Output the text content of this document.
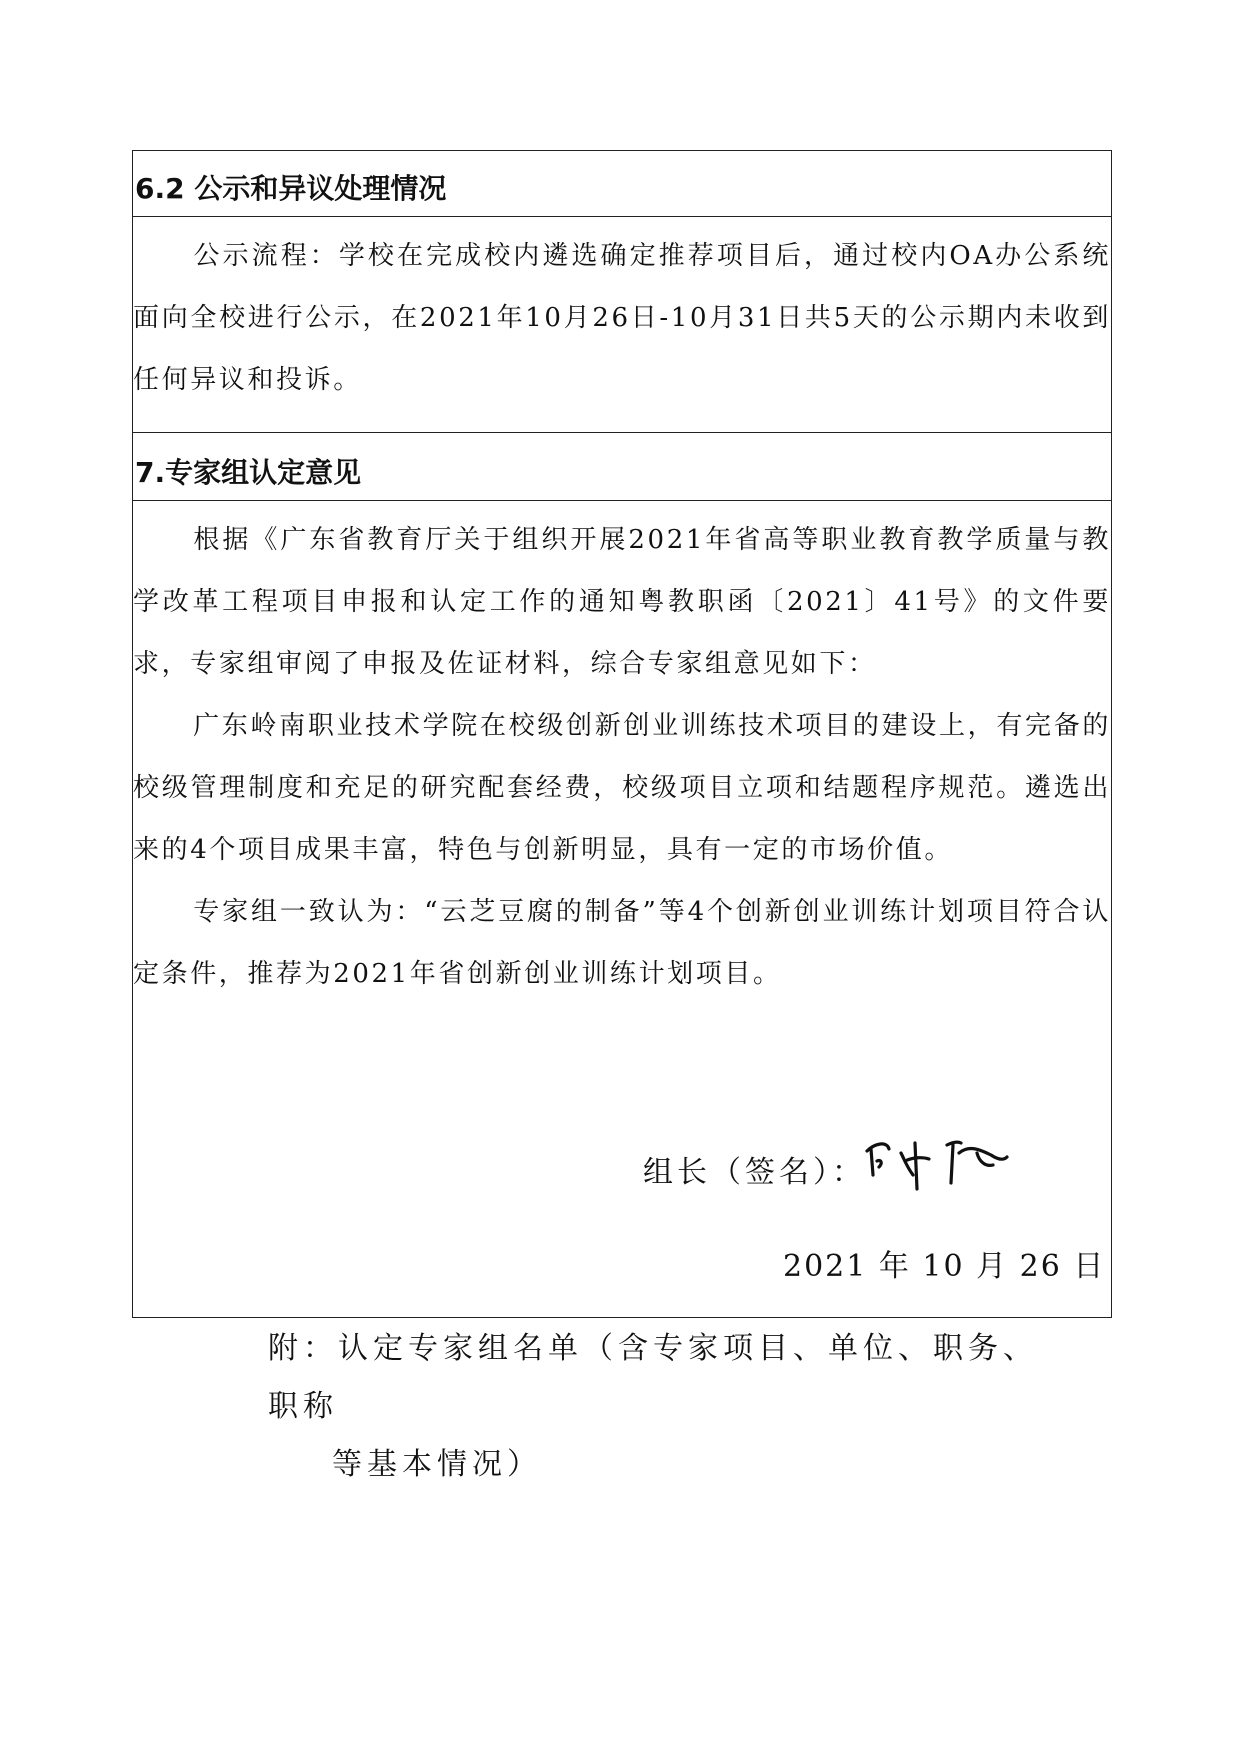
6.2 公示和异议处理情况

公示流程：学校在完成校内遴选确定推荐项目后，通过校内OA办公系统面向全校进行公示，在2021年10月26日-10月31日共5天的公示期内未收到任何异议和投诉。

7.专家组认定意见

根据《广东省教育厅关于组织开展2021年省高等职业教育教学质量与教学改革工程项目申报和认定工作的通知粤教职函〔2021〕41号》的文件要求，专家组审阅了申报及佐证材料，综合专家组意见如下：

广东岭南职业技术学院在校级创新创业训练技术项目的建设上，有完备的校级管理制度和充足的研究配套经费，校级项目立项和结题程序规范。遴选出来的4个项目成果丰富，特色与创新明显，具有一定的市场价值。

专家组一致认为：“云芝豆腐的制备”等4个创新创业训练计划项目符合认定条件，推荐为2021年省创新创业训练计划项目。

组长（签名）：
2021 年 10 月 26 日
附：认定专家组名单（含专家项目、单位、职务、职称
等基本情况）
